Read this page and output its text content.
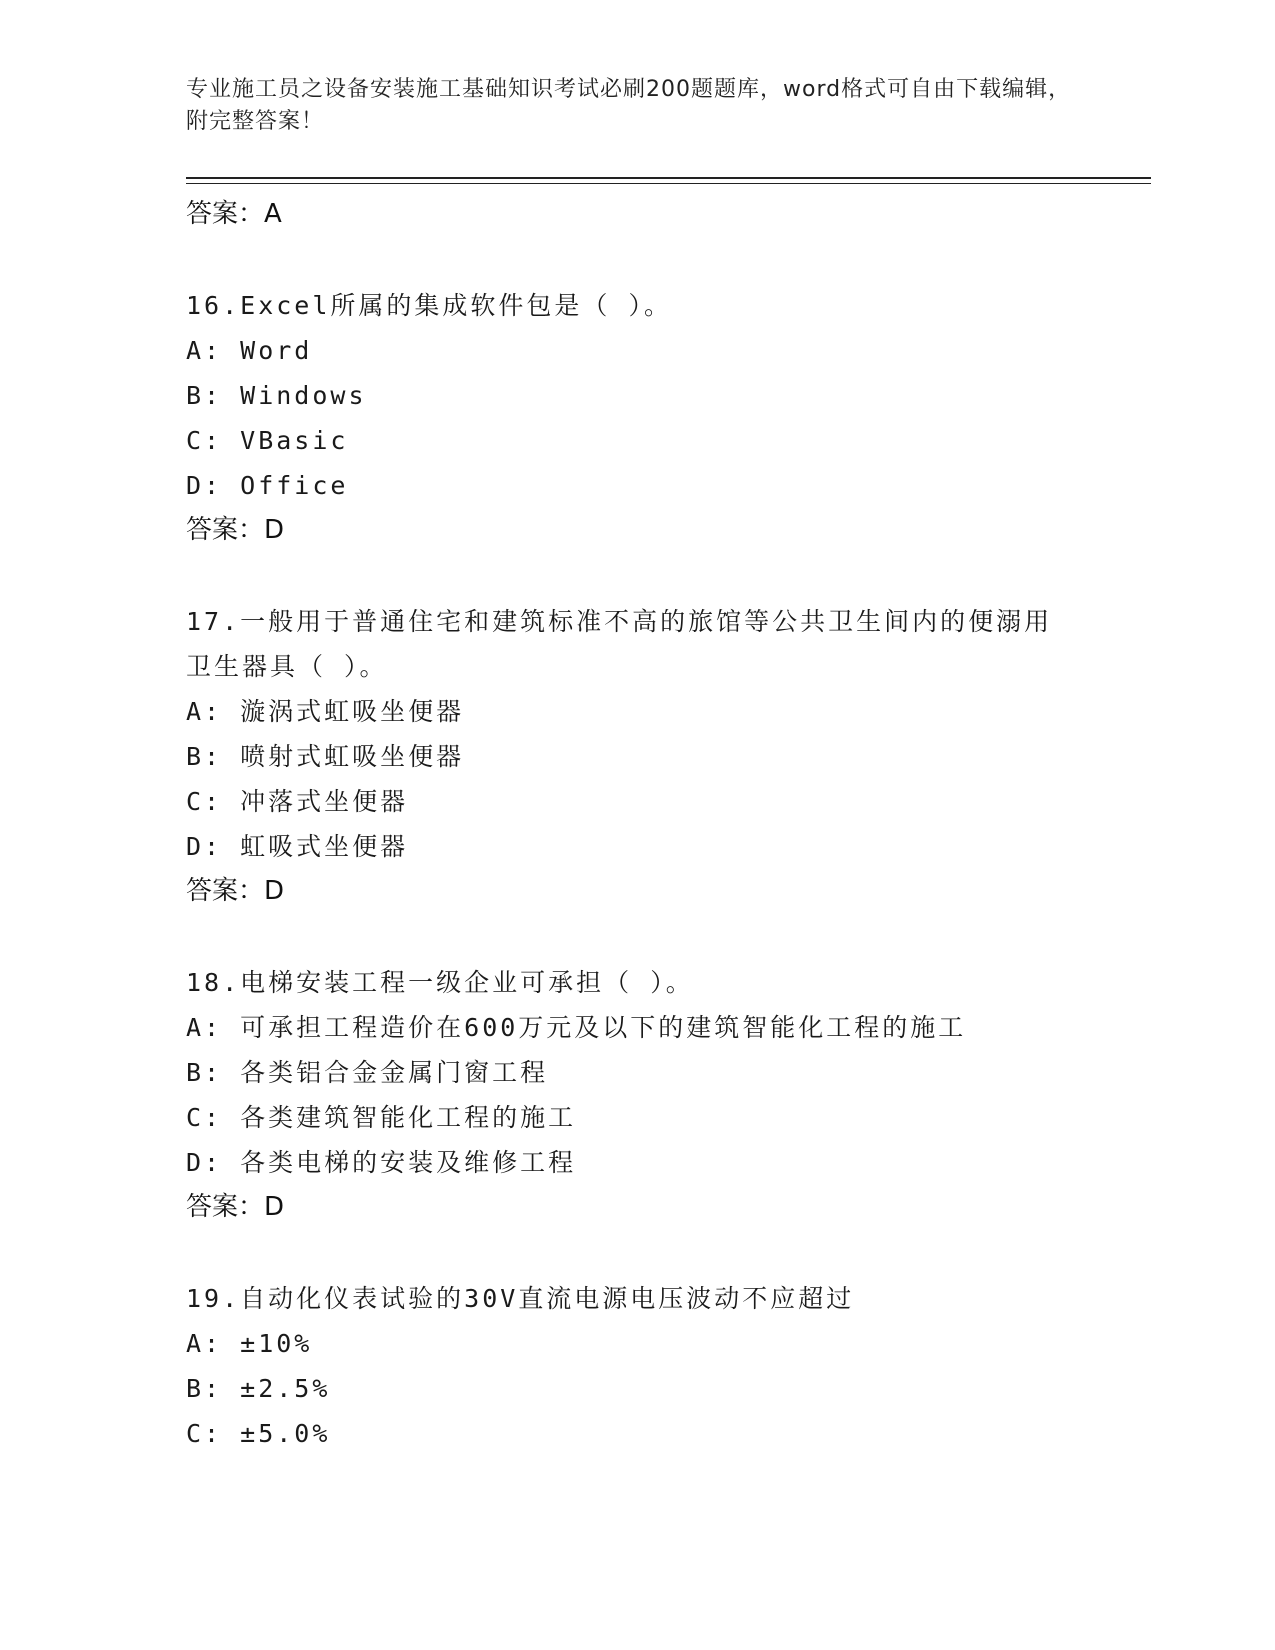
专业施工员之设备安装施工基础知识考试必刷200题题库，word格式可自由下载编辑，附完整答案！
答案：A
16.Excel所属的集成软件包是（ ）。
A: Word
B: Windows
C: VBasic
D: Office
答案：D
17.一般用于普通住宅和建筑标准不高的旅馆等公共卫生间内的便溺用卫生器具（ ）。
A: 漩涡式虹吸坐便器
B: 喷射式虹吸坐便器
C: 冲落式坐便器
D: 虹吸式坐便器
答案：D
18.电梯安装工程一级企业可承担（ ）。
A: 可承担工程造价在600万元及以下的建筑智能化工程的施工
B: 各类铝合金金属门窗工程
C: 各类建筑智能化工程的施工
D: 各类电梯的安装及维修工程
答案：D
19.自动化仪表试验的30V直流电源电压波动不应超过
A: ±10%
B: ±2.5%
C: ±5.0%
